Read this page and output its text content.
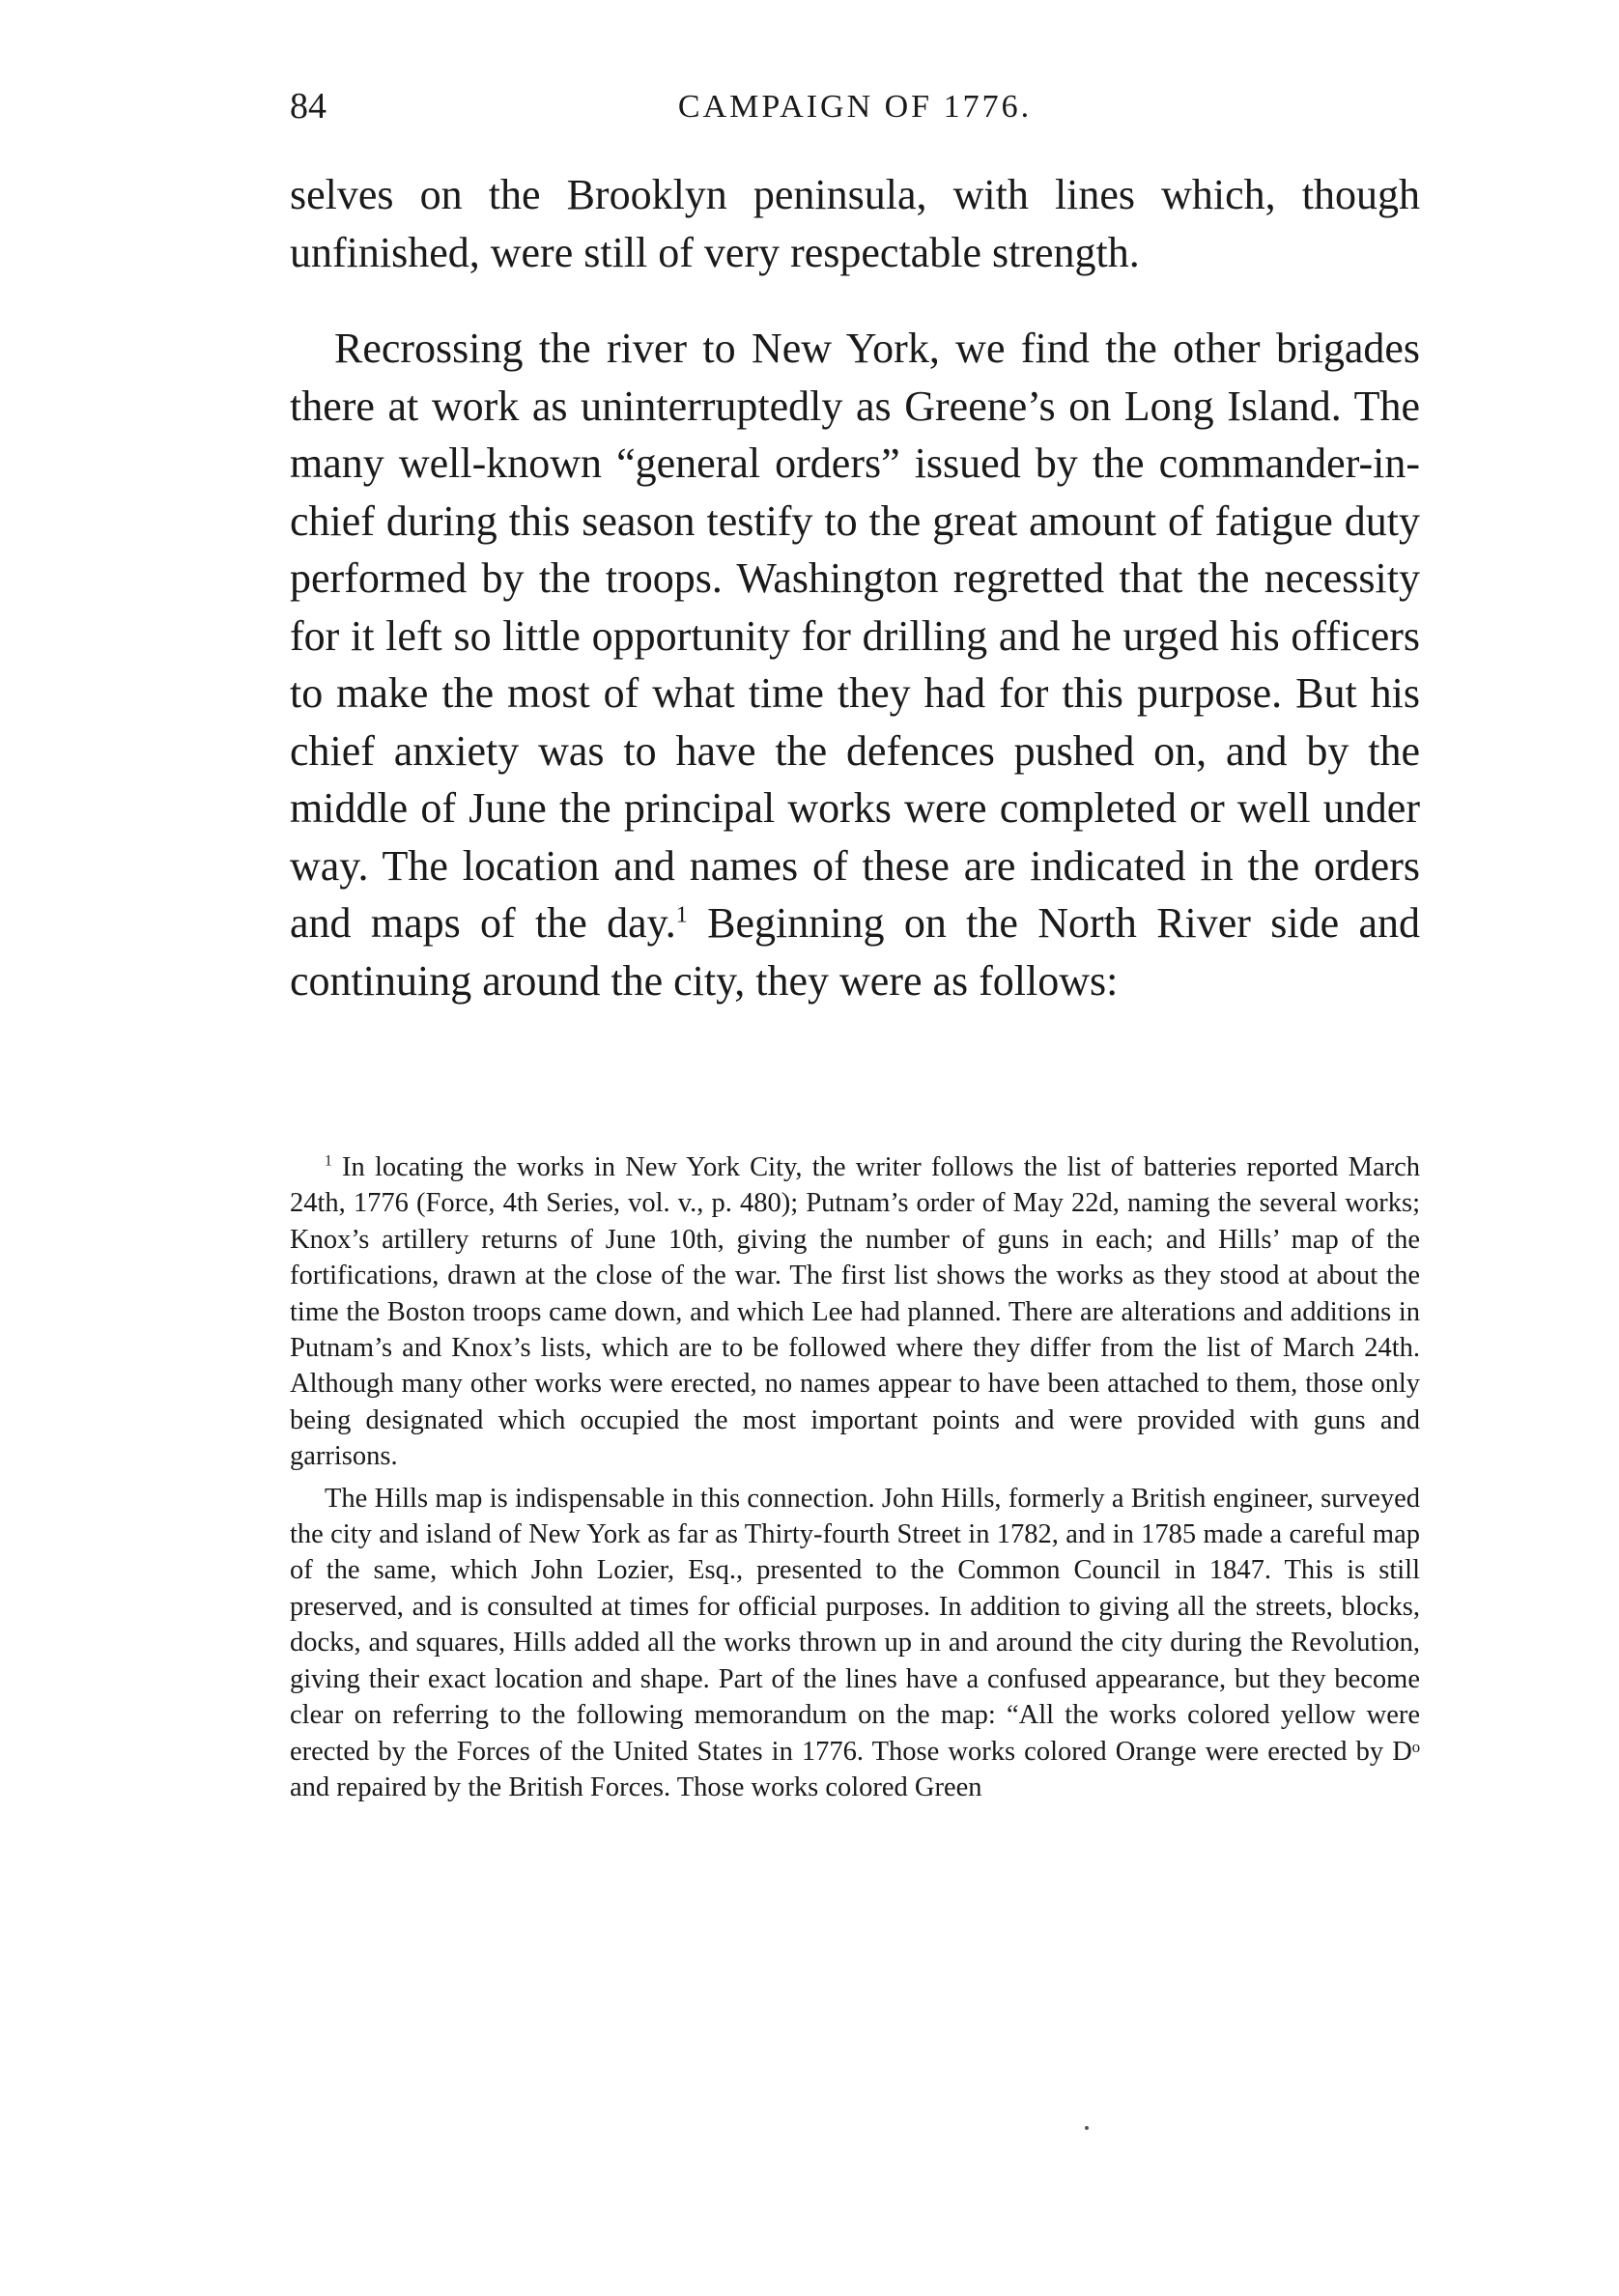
84	CAMPAIGN OF 1776.

selves on the Brooklyn peninsula, with lines which, though unfinished, were still of very respectable strength.

Recrossing the river to New York, we find the other brigades there at work as uninterruptedly as Greene’s on Long Island. The many well-known “general orders” issued by the commander-in-chief during this season testify to the great amount of fatigue duty performed by the troops. Washington regretted that the necessity for it left so little opportunity for drilling and he urged his officers to make the most of what time they had for this purpose. But his chief anxiety was to have the defences pushed on, and by the middle of June the principal works were completed or well under way. The location and names of these are indicated in the orders and maps of the day.$^1$ Beginning on the North River side and continuing around the city, they were as follows:

$^1$ In locating the works in New York City, the writer follows the list of batteries reported March 24th, 1776 (Force, 4th Series, vol. v., p. 480); Putnam’s order of May 22d, naming the several works; Knox’s artillery returns of June 10th, giving the number of guns in each; and Hills’ map of the fortifications, drawn at the close of the war. The first list shows the works as they stood at about the time the Boston troops came down, and which Lee had planned. There are alterations and additions in Putnam’s and Knox’s lists, which are to be followed where they differ from the list of March 24th. Although many other works were erected, no names appear to have been attached to them, those only being designated which occupied the most important points and were provided with guns and garrisons.

The Hills map is indispensable in this connection. John Hills, formerly a British engineer, surveyed the city and island of New York as far as Thirty-fourth Street in 1782, and in 1785 made a careful map of the same, which John Lozier, Esq., presented to the Common Council in 1847. This is still preserved, and is consulted at times for official purposes. In addition to giving all the streets, blocks, docks, and squares, Hills added all the works thrown up in and around the city during the Revolution, giving their exact location and shape. Part of the lines have a confused appearance, but they become clear on referring to the following memorandum on the map: “All the works colored yellow were erected by the Forces of the United States in 1776. Those works colored Orange were erected by Dᵒ and repaired by the British Forces. Those works colored Green
